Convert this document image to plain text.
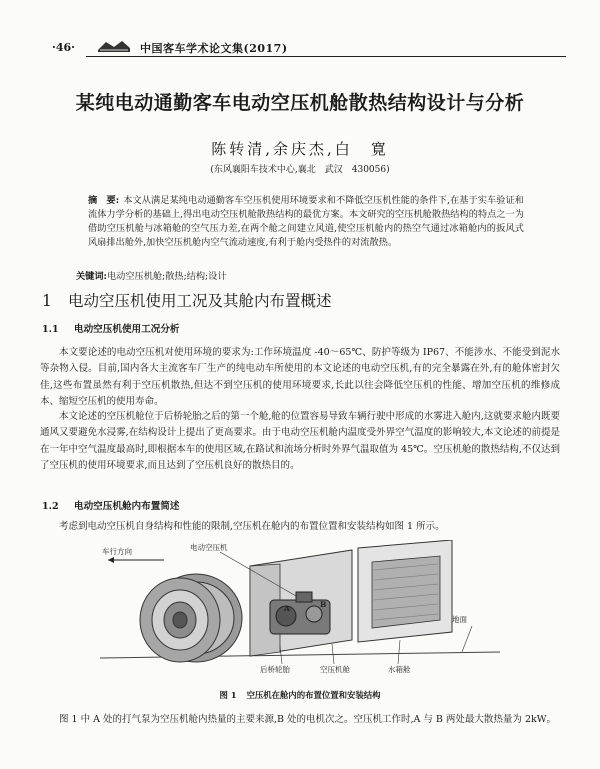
·46·	中国客车学术论文集(2017)
某纯电动通勤客车电动空压机舱散热结构设计与分析
陈转清,余庆杰,白　寛
(东风襄阳车技术中心,襄北　武汉　430056)
摘　要: 本文从满足某纯电动通勤客车空压机使用环境要求和不降低空压机性能的条件下,在基于实车验证和流体力学分析的基础上,得出电动空压机舱散热结构的最优方案。本文研究的空压机舱散热结构的特点之一为借助空压机舱与冰箱舱的空气压力差,在两个舱之间建立风道,使空压机舱内的热空气通过冰箱舱内的扳风式风扇排出舱外,加快空压机舱内空气流动速度,有利于舱内受热件的对流散热。
关键词:电动空压机舱;散热;结构;设计
1 电动空压机使用工况及其舱内布置概述
1.1 电动空压机使用工况分析
本文要论述的电动空压机对使用环境的要求为:工作环境温度 -40～65℃、防护等级为 IP67、不能涉水、不能受到泥水等杂物入侵。目前,国内各大主流客车厂生产的纯电动车所使用的本文论述的电动空压机,有的完全暴露在外,有的舱体密封欠佳,这些布置虽然有利于空压机散热,但达不到空压机的使用环境要求,长此以往会降低空压机的性能、增加空压机的维修成本、缩短空压机的使用寿命。
本文论述的空压机舱位于后桥轮胎之后的第一个舱,舱的位置容易导致车辆行驶中形成的水雾进入舱内,这就要求舱内既要通风又要避免水浸雾,在结构设计上提出了更高要求。由于电动空压机舱内温度受外界空气温度的影响较大,本文论述的前提是在一年中空气温度最高时,即根据本车的使用区域,在路试和流场分析时外界气温取值为 45℃。空压机舱的散热结构,不仅达到了空压机的使用环境要求,而且达到了空压机良好的散热目的。
1.2 电动空压机舱内布置简述
考虑到电动空压机自身结构和性能的限制,空压机在舱内的布置位置和安装结构如图 1 所示。
车行方向	电动空压机
A	B
后桥轮胎	空压机舱	水箱舱
地面
图 1 空压机在舱内的布置位置和安装结构
图 1 中 A 处的打气泵为空压机舱内热量的主要来源,B 处的电机次之。空压机工作时,A 与 B 两处最大散热量为 2kW。
